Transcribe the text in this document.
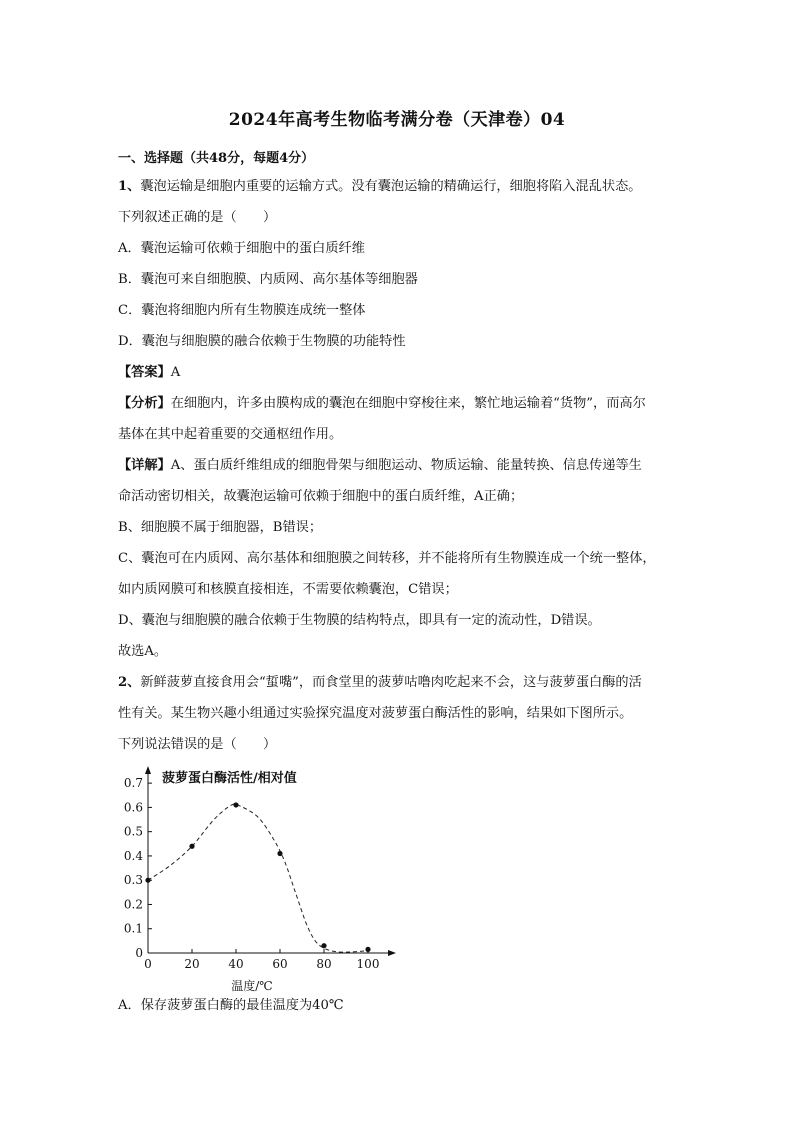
2024年高考生物临考满分卷（天津卷）04
一、选择题（共48分，每题4分）
1、囊泡运输是细胞内重要的运输方式。没有囊泡运输的精确运行，细胞将陷入混乱状态。
下列叙述正确的是（　　）
A．囊泡运输可依赖于细胞中的蛋白质纤维
B．囊泡可来自细胞膜、内质网、高尔基体等细胞器
C．囊泡将细胞内所有生物膜连成统一整体
D．囊泡与细胞膜的融合依赖于生物膜的功能特性
【答案】A
【分析】在细胞内，许多由膜构成的囊泡在细胞中穿梭往来，繁忙地运输着“货物”，而高尔
基体在其中起着重要的交通枢纽作用。
【详解】A、蛋白质纤维组成的细胞骨架与细胞运动、物质运输、能量转换、信息传递等生
命活动密切相关，故囊泡运输可依赖于细胞中的蛋白质纤维，A正确；
B、细胞膜不属于细胞器，B错误；
C、囊泡可在内质网、高尔基体和细胞膜之间转移，并不能将所有生物膜连成一个统一整体，
如内质网膜可和核膜直接相连，不需要依赖囊泡，C错误；
D、囊泡与细胞膜的融合依赖于生物膜的结构特点，即具有一定的流动性，D错误。
故选A。
2、新鲜菠萝直接食用会“蜇嘴”，而食堂里的菠萝咕噜肉吃起来不会，这与菠萝蛋白酶的活
性有关。某生物兴趣小组通过实验探究温度对菠萝蛋白酶活性的影响，结果如下图所示。
下列说法错误的是（　　）
0
0.1
0.2
0.3
0.4
0.5
0.6
0.7
0	20 40 60 80 100
菠萝蛋白酶活性/相对值
温度/℃
A．保存菠萝蛋白酶的最佳温度为40℃
